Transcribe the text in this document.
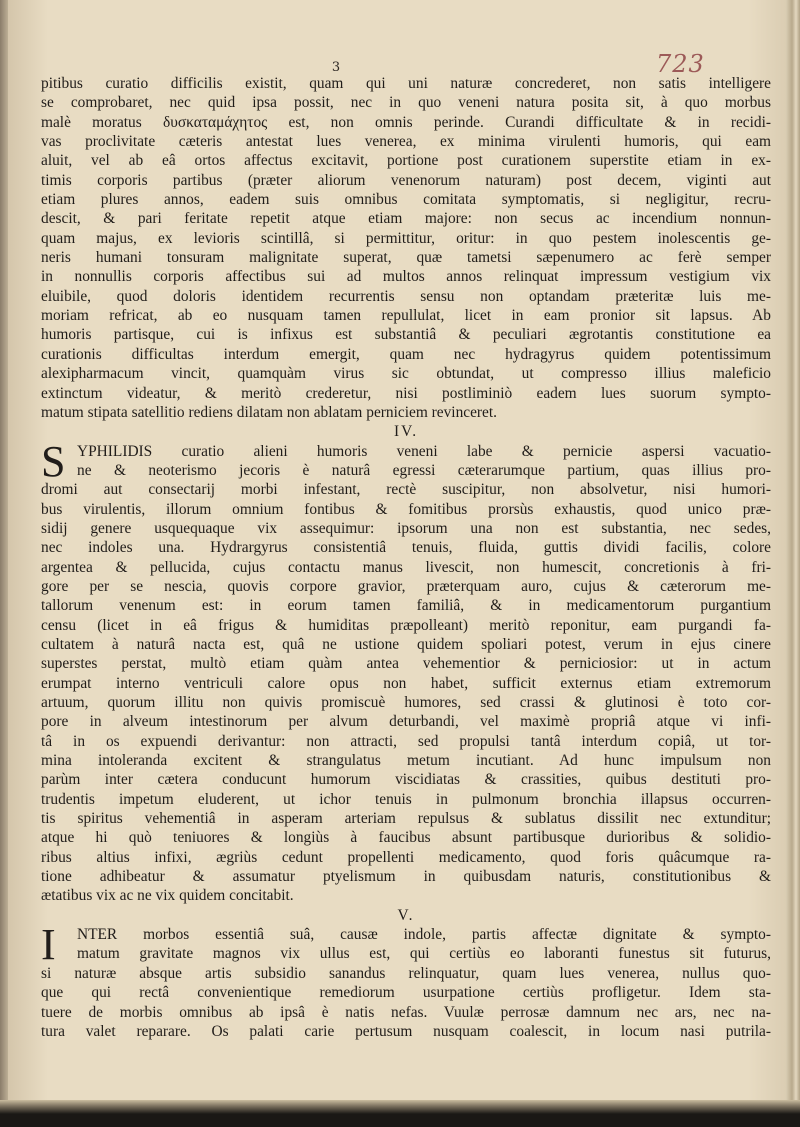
3	723
pitibus curatio difficilis existit, quam qui uni naturæ concrederet, non satis intelligere
se comprobaret, nec quid ipsa possit, nec in quo veneni natura posita sit, à quo morbus
malè moratus δυσκαταμάχητος est, non omnis perinde. Curandi difficultate & in recidi-
vas proclivitate cæteris antestat lues venerea, ex minima virulenti humoris, qui eam
aluit, vel ab eâ ortos affectus excitavit, portione post curationem superstite etiam in ex-
timis corporis partibus (præter aliorum venenorum naturam) post decem, viginti aut
etiam plures annos, eadem suis omnibus comitata symptomatis, si negligitur, recru-
descit, & pari feritate repetit atque etiam majore: non secus ac incendium nonnun-
quam majus, ex levioris scintillâ, si permittitur, oritur: in quo pestem inolescentis ge-
neris humani tonsuram malignitate superat, quæ tametsi sæpenumero ac ferè semper
in nonnullis corporis affectibus sui ad multos annos relinquat impressum vestigium vix
eluibile, quod doloris identidem recurrentis sensu non optandam præteritæ luis me-
moriam refricat, ab eo nusquam tamen repullulat, licet in eam pronior sit lapsus. Ab
humoris partisque, cui is infixus est substantiâ & peculiari ægrotantis constitutione ea
curationis difficultas interdum emergit, quam nec hydragyrus quidem potentissimum
alexipharmacum vincit, quamquàm virus sic obtundat, ut compresso illius maleficio
extinctum videatur, & meritò crederetur, nisi postliminiò eadem lues suorum sympto-
matum stipata satellitio rediens dilatam non ablatam perniciem revinceret.
IV.
S YPHILIDIS curatio alieni humoris veneni labe & pernicie aspersi vacuatio-
ne & neoterismo jecoris è naturâ egressi cæterarumque partium, quas illius pro-
dromi aut consectarij morbi infestant, rectè suscipitur, non absolvetur, nisi humori-
bus virulentis, illorum omnium fontibus & fomitibus prorsùs exhaustis, quod unico præ-
sidij genere usquequaque vix assequimur: ipsorum una non est substantia, nec sedes,
nec indoles una. Hydrargyrus consistentiâ tenuis, fluida, guttis dividi facilis, colore
argentea & pellucida, cujus contactu manus livescit, non humescit, concretionis à fri-
gore per se nescia, quovis corpore gravior, præterquam auro, cujus & cæterorum me-
tallorum venenum est: in eorum tamen familiâ, & in medicamentorum purgantium
censu (licet in eâ frigus & humiditas præpolleant) meritò reponitur, eam purgandi fa-
cultatem à naturâ nacta est, quâ ne ustione quidem spoliari potest, verum in ejus cinere
superstes perstat, multò etiam quàm antea vehementior & perniciosior: ut in actum
erumpat interno ventriculi calore opus non habet, sufficit externus etiam extremorum
artuum, quorum illitu non quivis promiscuè humores, sed crassi & glutinosi è toto cor-
pore in alveum intestinorum per alvum deturbandi, vel maximè propriâ atque vi infi-
tâ in os expuendi derivantur: non attracti, sed propulsi tantâ interdum copiâ, ut tor-
mina intoleranda excitent & strangulatus metum incutiant. Ad hunc impulsum non
parùm inter cætera conducunt humorum viscidiatas & crassities, quibus destituti pro-
trudentis impetum eluderent, ut ichor tenuis in pulmonum bronchia illapsus occurren-
tis spiritus vehementiâ in asperam arteriam repulsus & sublatus dissilit nec extunditur;
atque hi quò teniuores & longiùs à faucibus absunt partibusque durioribus & solidio-
ribus altius infixi, ægriùs cedunt propellenti medicamento, quod foris quâcumque ra-
tione adhibeatur & assumatur ptyelismum in quibusdam naturis, constitutionibus &
ætatibus vix ac ne vix quidem concitabit.
V.
I	NTER morbos essentiâ suâ, causæ indole, partis affectæ dignitate & sympto-
matum gravitate magnos vix ullus est, qui certiùs eo laboranti funestus sit futurus,
si naturæ absque artis subsidio sanandus relinquatur, quam lues venerea, nullus quo-
que qui rectâ convenientique remediorum usurpatione certiùs profligetur. Idem sta-
tuere de morbis omnibus ab ipsâ è natis nefas. Vuulæ perrosæ damnum nec ars, nec na-
tura valet reparare. Os palati carie pertusum nusquam coalescit, in locum nasi putrila-
